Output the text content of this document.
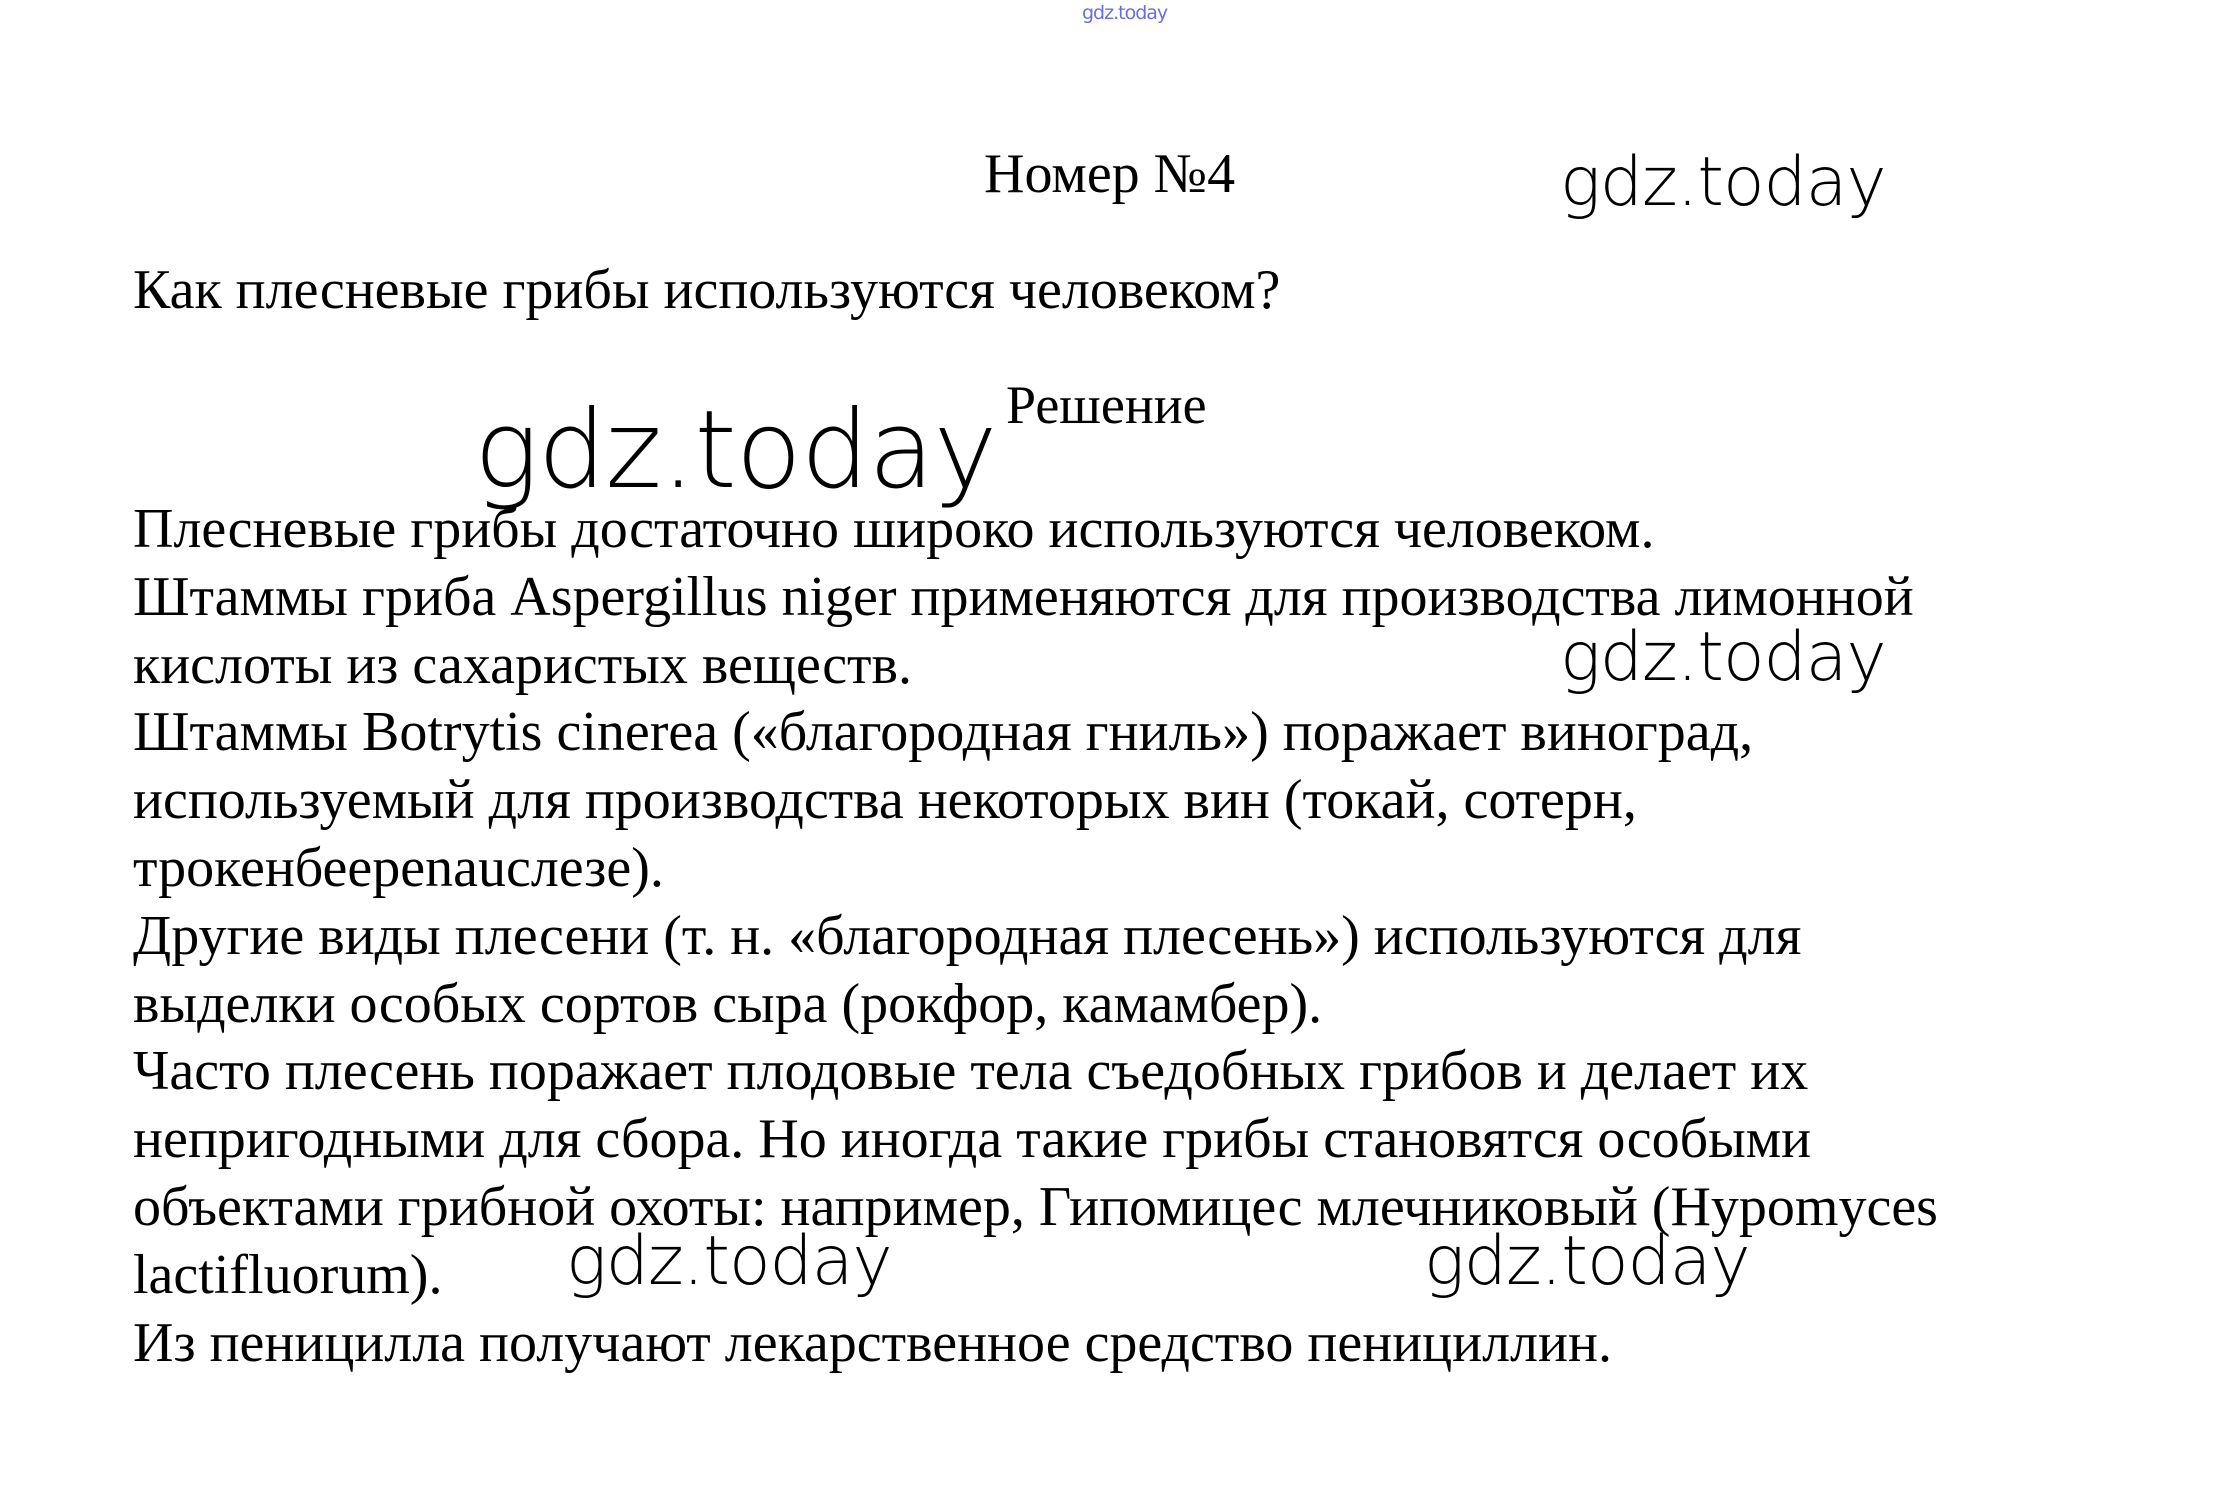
gdz.today
Номер №4
Как плесневые грибы используются человеком?
Решение

Плесневые грибы достаточно широко используются человеком.

Штаммы гриба Aspergillus niger применяются для производства лимонной

кислоты из сахаристых веществ.

Штаммы Botrytis cinerea («благородная гниль») поражает виноград,

используемый для производства некоторых вин (токай, сотерн,

трокенбеереnauслезе).

Другие виды плесени (т. н. «благородная плесень») используются для

выделки особых сортов сыра (рокфор, камамбер).

Часто плесень поражает плодовые тела съедобных грибов и делает их

непригодными для сбора. Но иногда такие грибы становятся особыми

объектами грибной охоты: например, Гипомицес млечниковый (Hypomyces

lactifluorum).

Из пеницилла получают лекарственное средство пенициллин.

gdz.today
gdz.today
gdz.today
gdz.today	gdz.today
